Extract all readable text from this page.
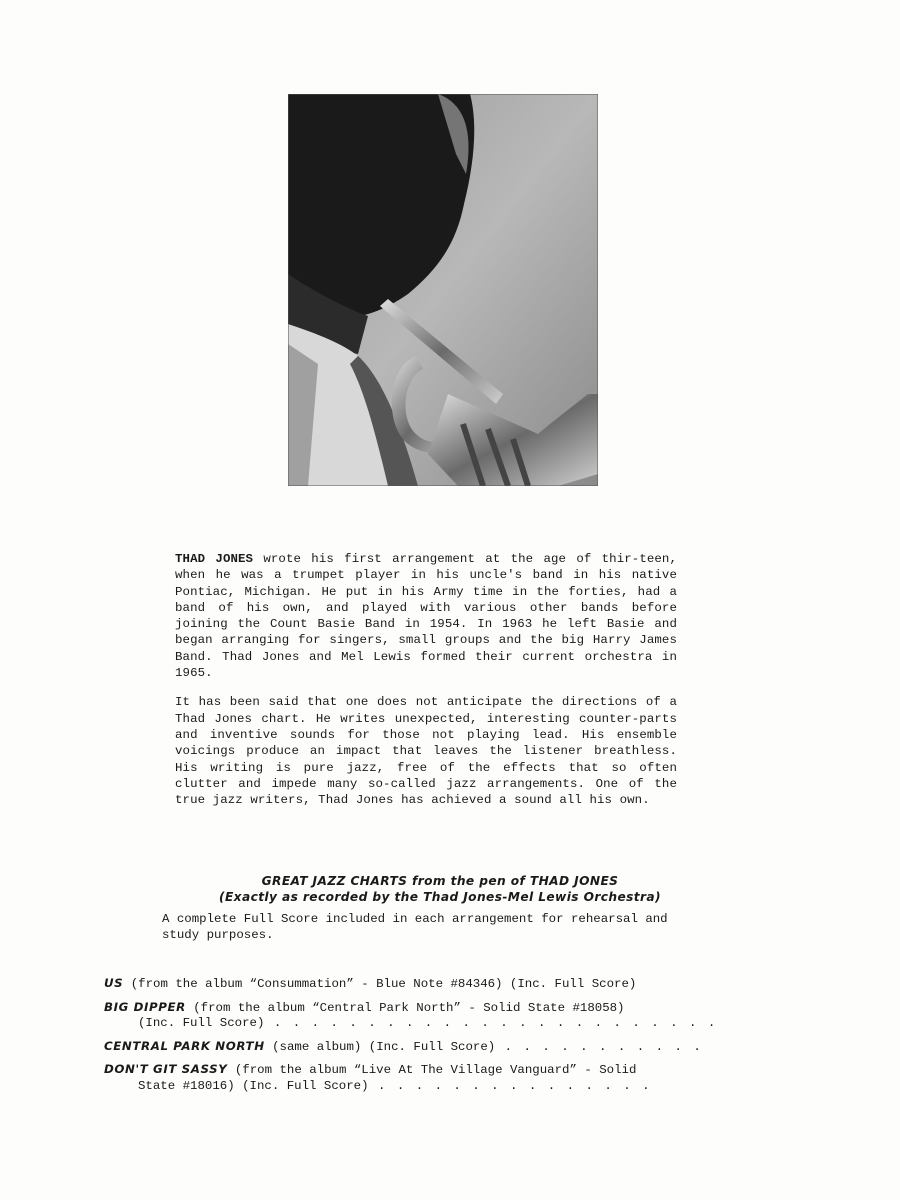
THAD JONES wrote his first arrangement at the age of thir-teen, when he was a trumpet player in his uncle's band in his native Pontiac, Michigan. He put in his Army time in the forties, had a band of his own, and played with various other bands before joining the Count Basie Band in 1954. In 1963 he left Basie and began arranging for singers, small groups and the big Harry James Band. Thad Jones and Mel Lewis formed their current orchestra in 1965.

It has been said that one does not anticipate the directions of a Thad Jones chart. He writes unexpected, interesting counter-parts and inventive sounds for those not playing lead. His ensemble voicings produce an impact that leaves the listener breathless. His writing is pure jazz, free of the effects that so often clutter and impede many so-called jazz arrangements. One of the true jazz writers, Thad Jones has achieved a sound all his own.

GREAT JAZZ CHARTS from the pen of THAD JONES
(Exactly as recorded by the Thad Jones-Mel Lewis Orchestra)
A complete Full Score included in each arrangement for rehearsal and study purposes.
US (from the album “Consummation” - Blue Note #84346) (Inc. Full Score)
BIG DIPPER (from the album “Central Park North” - Solid State #18058)
(Inc. Full Score) . . . . . . . . . . . . . . . . . . . . . . . .
CENTRAL PARK NORTH (same album) (Inc. Full Score) . . . . . . . . . . .
DON'T GIT SASSY (from the album “Live At The Village Vanguard” - Solid
State #18016) (Inc. Full Score) . . . . . . . . . . . . . . .
